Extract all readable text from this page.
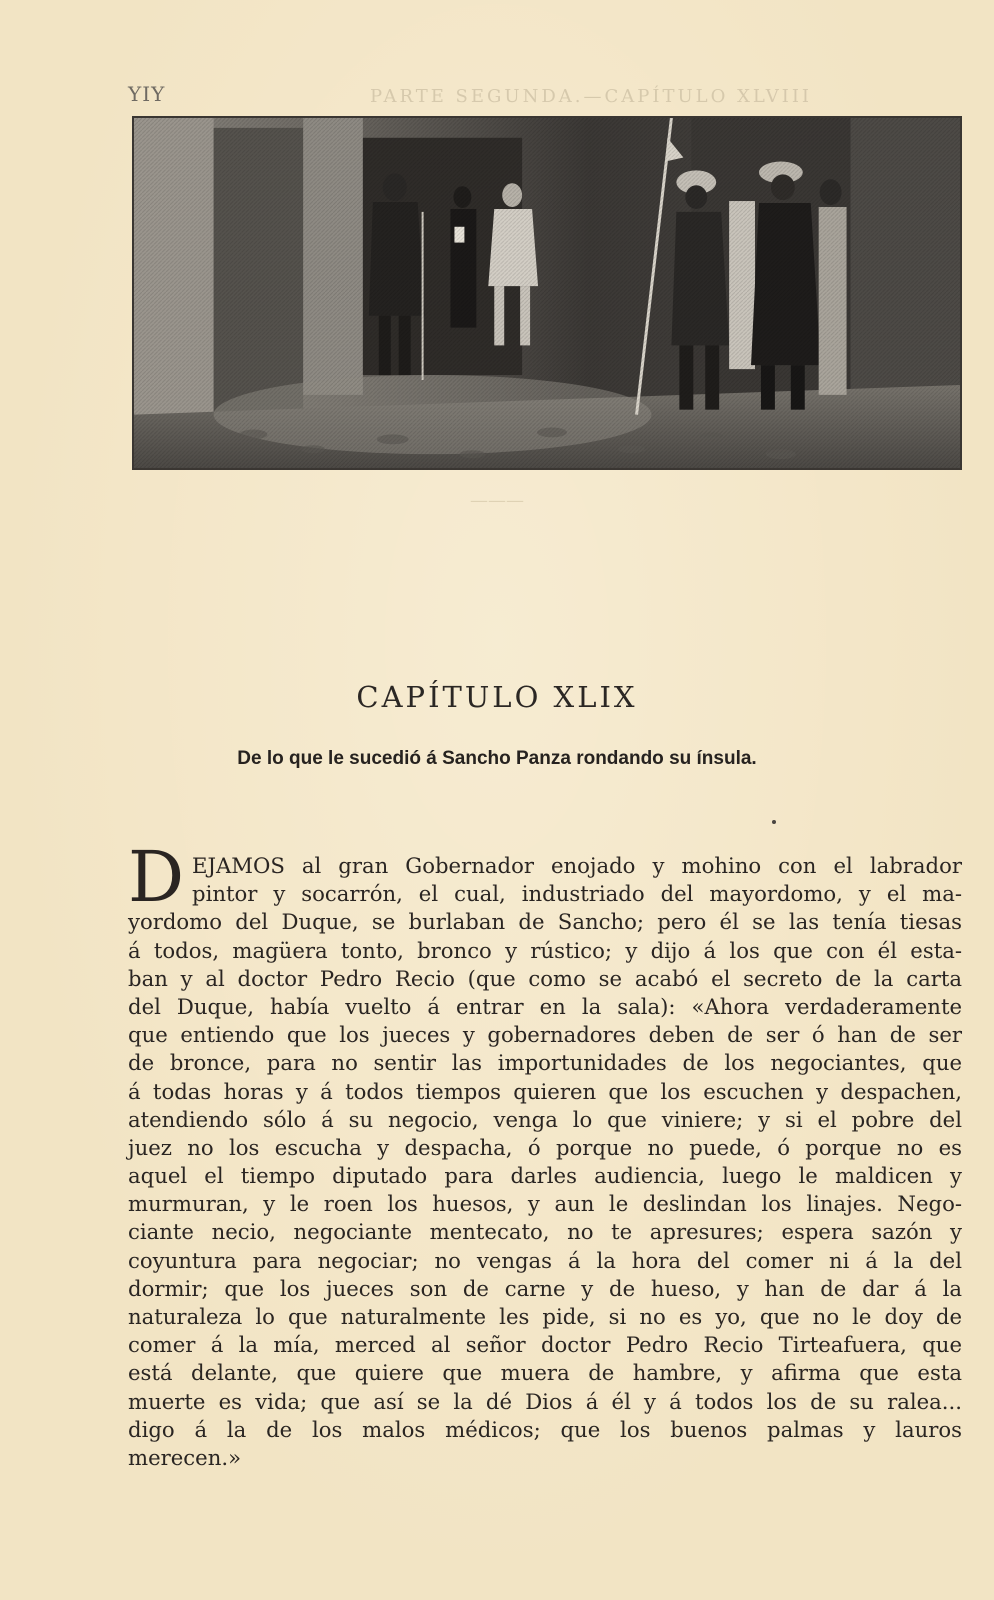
ΥΙΥ	PARTE SEGUNDA.—CAPÍTULO XLVIII
———
CAPÍTULO XLIX
De lo que le sucedió á Sancho Panza rondando su ínsula.
D EJAMOS al gran Gobernador enojado y mohino con el labrador
pintor y socarrón, el cual, industriado del mayordomo, y el ma-
yordomo del Duque, se burlaban de Sancho; pero él se las tenía tiesas
á todos, magüera tonto, bronco y rústico; y dijo á los que con él esta-
ban y al doctor Pedro Recio (que como se acabó el secreto de la carta
del Duque, había vuelto á entrar en la sala): «Ahora verdaderamente
que entiendo que los jueces y gobernadores deben de ser ó han de ser
de bronce, para no sentir las importunidades de los negociantes, que
á todas horas y á todos tiempos quieren que los escuchen y despachen,
atendiendo sólo á su negocio, venga lo que viniere; y si el pobre del
juez no los escucha y despacha, ó porque no puede, ó porque no es
aquel el tiempo diputado para darles audiencia, luego le maldicen y
murmuran, y le roen los huesos, y aun le deslindan los linajes. Nego-
ciante necio, negociante mentecato, no te apresures; espera sazón y
coyuntura para negociar; no vengas á la hora del comer ni á la del
dormir; que los jueces son de carne y de hueso, y han de dar á la
naturaleza lo que naturalmente les pide, si no es yo, que no le doy de
comer á la mía, merced al señor doctor Pedro Recio Tirteafuera, que
está delante, que quiere que muera de hambre, y afirma que esta
muerte es vida; que así se la dé Dios á él y á todos los de su ralea...
digo á la de los malos médicos; que los buenos palmas y lauros
merecen.»
